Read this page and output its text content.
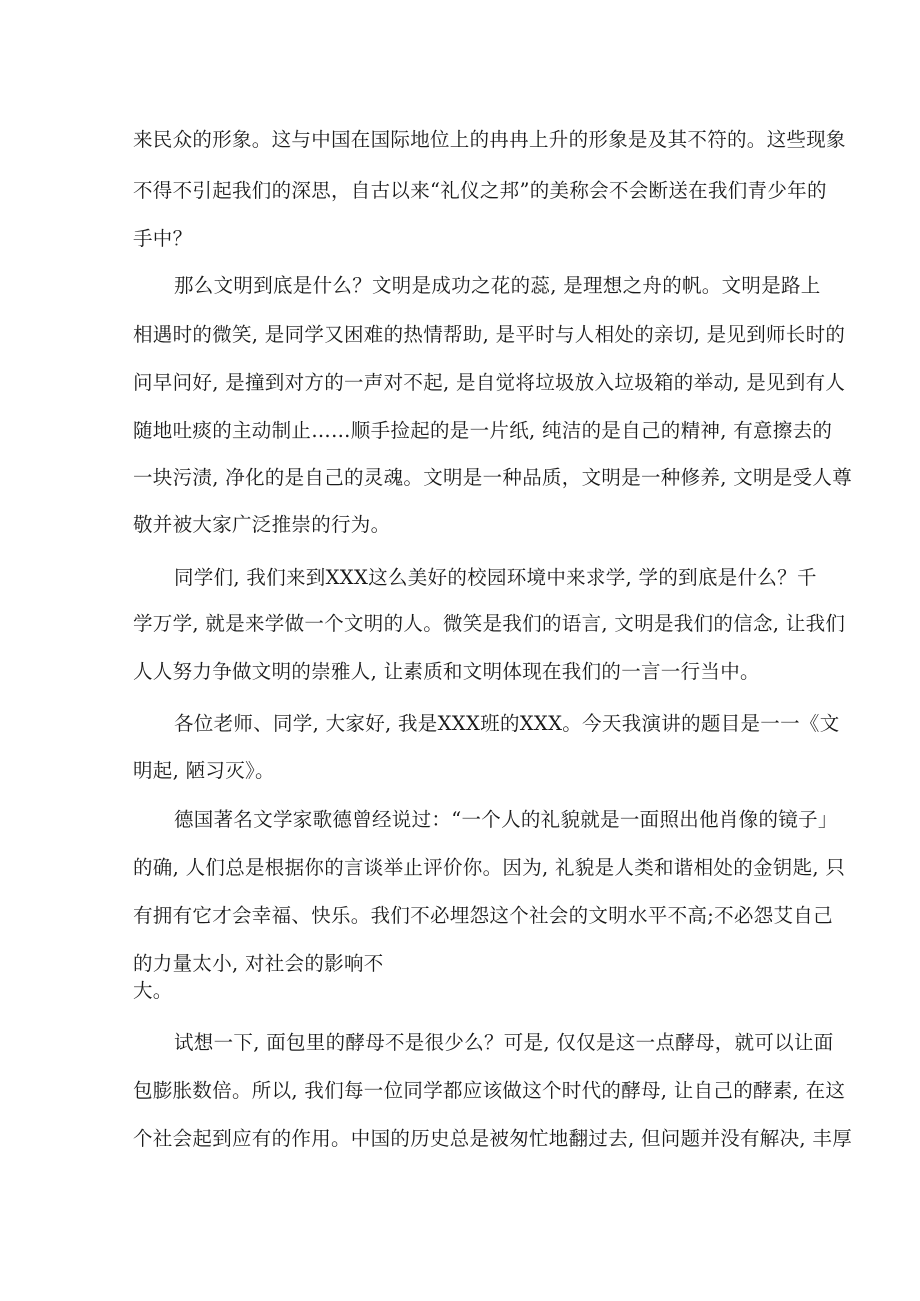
来民众的形象。这与中国在国际地位上的冉冉上升的形象是及其不符的。这些现象
不得不引起我们的深思，自古以来“礼仪之邦”的美称会不会断送在我们青少年的
手中？
那么文明到底是什么？文明是成功之花的蕊, 是理想之舟的帆。文明是路上
相遇时的微笑, 是同学又困难的热情帮助, 是平时与人相处的亲切, 是见到师长时的
问早问好, 是撞到对方的一声对不起, 是自觉将垃圾放入垃圾箱的举动, 是见到有人
随地吐痰的主动制止……顺手捡起的是一片纸, 纯洁的是自己的精神, 有意擦去的
一块污渍, 净化的是自己的灵魂。文明是一种品质，文明是一种修养, 文明是受人尊
敬并被大家广泛推崇的行为。
同学们, 我们来到XXX这么美好的校园环境中来求学, 学的到底是什么？千
学万学, 就是来学做一个文明的人。微笑是我们的语言, 文明是我们的信念, 让我们
人人努力争做文明的崇雅人, 让素质和文明体现在我们的一言一行当中。
各位老师、同学, 大家好, 我是XXX班的XXX。今天我演讲的题目是一一《文
明起, 陋习灭》。
德国著名文学家歌德曾经说过：“一个人的礼貌就是一面照出他肖像的镜子」
的确, 人们总是根据你的言谈举止评价你。因为, 礼貌是人类和谐相处的金钥匙, 只
有拥有它才会幸福、快乐。我们不必埋怨这个社会的文明水平不高;不必怨艾自己
的力量太小, 对社会的影响不
大。
试想一下, 面包里的酵母不是很少么？可是, 仅仅是这一点酵母，就可以让面
包膨胀数倍。所以, 我们每一位同学都应该做这个时代的酵母, 让自己的酵素, 在这
个社会起到应有的作用。中国的历史总是被匆忙地翻过去, 但问题并没有解决, 丰厚
